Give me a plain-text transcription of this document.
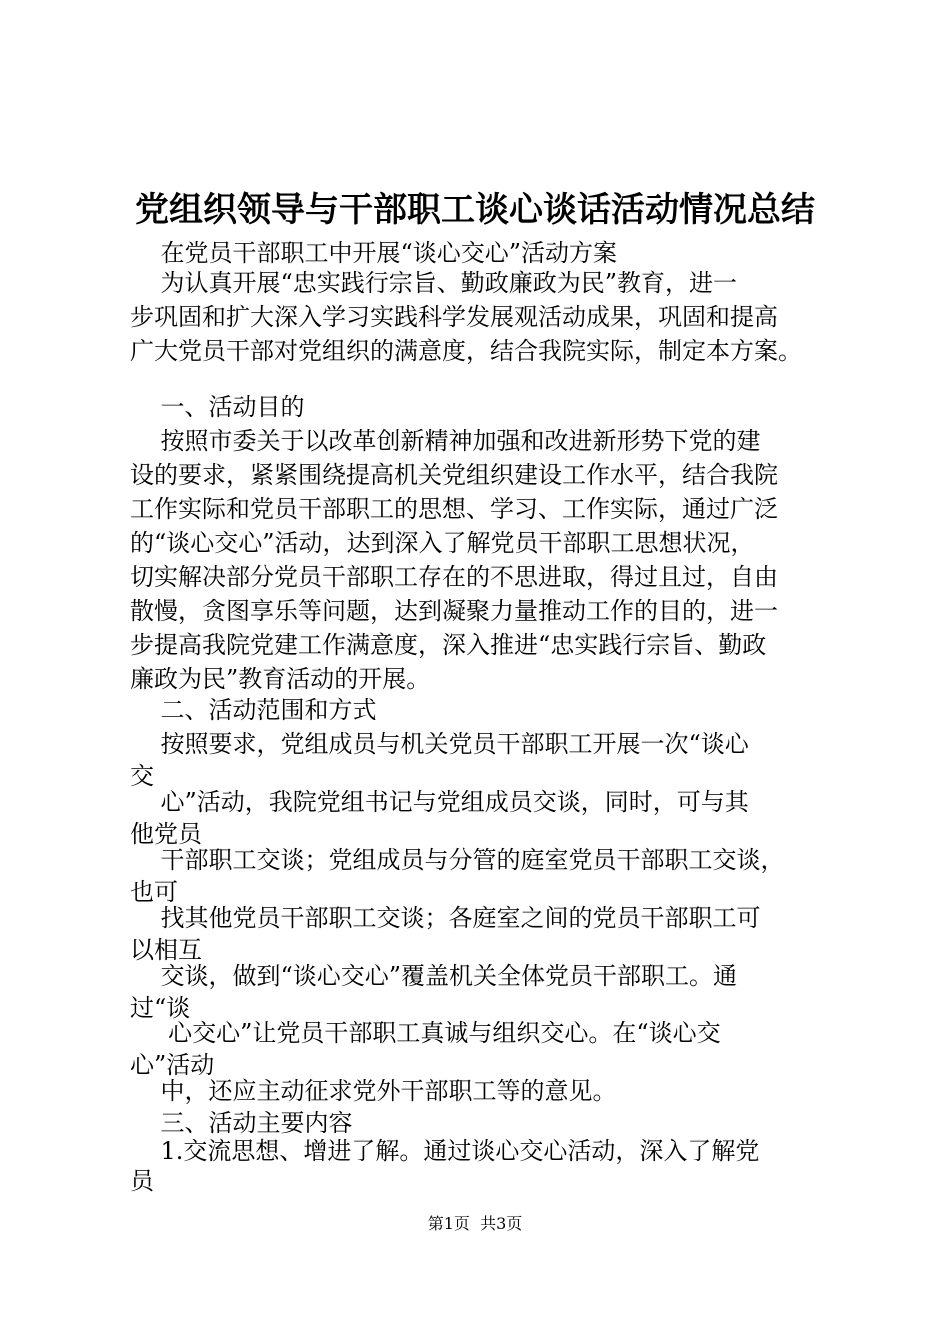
党组织领导与干部职工谈心谈话活动情况总结
在党员干部职工中开展“谈心交心”活动方案
为认真开展“忠实践行宗旨、勤政廉政为民”教育，进一
步巩固和扩大深入学习实践科学发展观活动成果，巩固和提高
广大党员干部对党组织的满意度，结合我院实际，制定本方案。
一、活动目的
按照市委关于以改革创新精神加强和改进新形势下党的建
设的要求，紧紧围绕提高机关党组织建设工作水平，结合我院
工作实际和党员干部职工的思想、学习、工作实际，通过广泛
的“谈心交心”活动，达到深入了解党员干部职工思想状况，
切实解决部分党员干部职工存在的不思进取，得过且过，自由
散慢，贪图享乐等问题，达到凝聚力量推动工作的目的，进一
步提高我院党建工作满意度，深入推进“忠实践行宗旨、勤政
廉政为民”教育活动的开展。
二、活动范围和方式
按照要求，党组成员与机关党员干部职工开展一次“谈心
交
心”活动，我院党组书记与党组成员交谈，同时，可与其
他党员
干部职工交谈；党组成员与分管的庭室党员干部职工交谈，
也可
找其他党员干部职工交谈；各庭室之间的党员干部职工可
以相互
交谈，做到“谈心交心”覆盖机关全体党员干部职工。通
过“谈
心交心”让党员干部职工真诚与组织交心。在“谈心交
心”活动
中，还应主动征求党外干部职工等的意见。
三、活动主要内容
1.交流思想、增进了解。通过谈心交心活动，深入了解党
员
第1页  共3页
